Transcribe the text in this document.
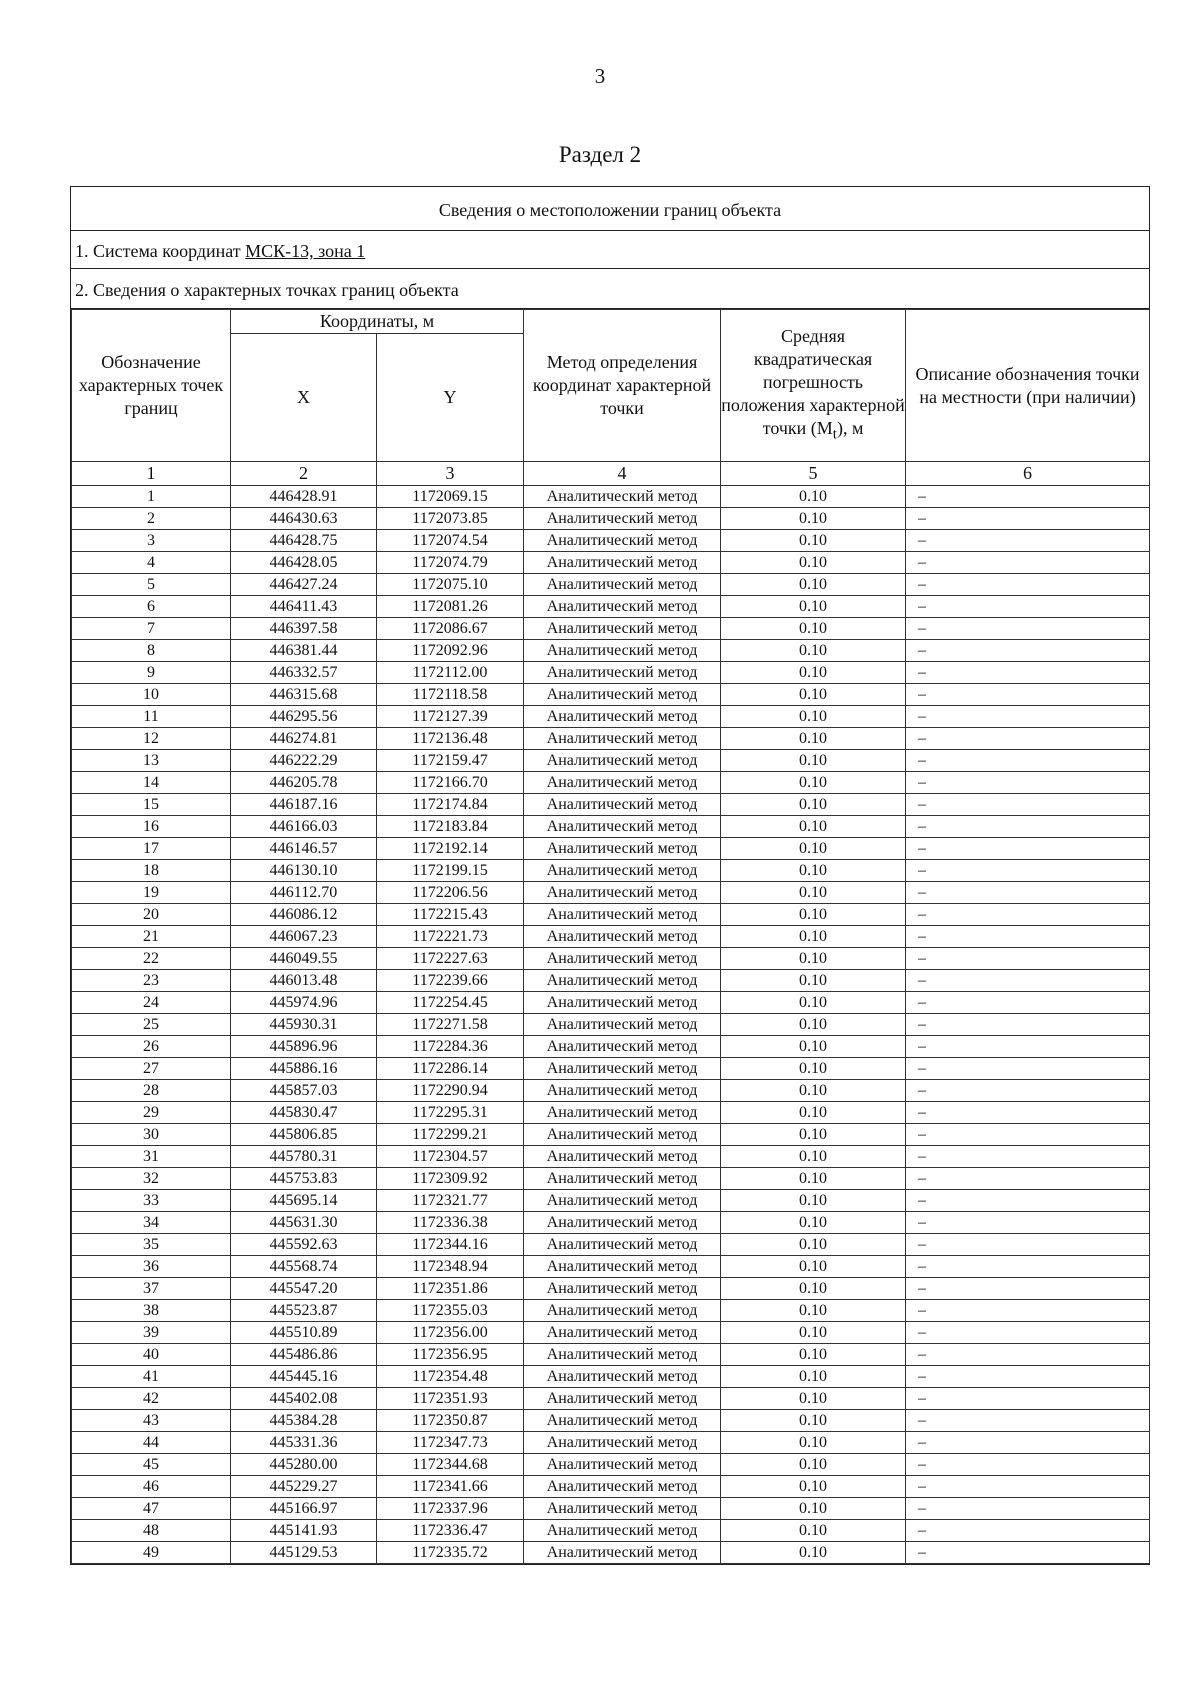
3
Раздел 2
Сведения о местоположении границ объекта
1. Система координат МСК-13, зона 1
2. Сведения о характерных точках границ объекта
Обозначение характерных точек границ	Координаты, м		Метод определения координат характерной точки	Средняя квадратическая погрешность положения характерной точки $(M_t)$, м	Описание обозначения точки на местности (при наличии)
	X	Y			
1	2	3	4	5	6
1	446428.91	1172069.15	Аналитический метод	0.10	–
2	446430.63	1172073.85	Аналитический метод	0.10	–
3	446428.75	1172074.54	Аналитический метод	0.10	–
4	446428.05	1172074.79	Аналитический метод	0.10	–
5	446427.24	1172075.10	Аналитический метод	0.10	–
6	446411.43	1172081.26	Аналитический метод	0.10	–
7	446397.58	1172086.67	Аналитический метод	0.10	–
8	446381.44	1172092.96	Аналитический метод	0.10	–
9	446332.57	1172112.00	Аналитический метод	0.10	–
10	446315.68	1172118.58	Аналитический метод	0.10	–
11	446295.56	1172127.39	Аналитический метод	0.10	–
12	446274.81	1172136.48	Аналитический метод	0.10	–
13	446222.29	1172159.47	Аналитический метод	0.10	–
14	446205.78	1172166.70	Аналитический метод	0.10	–
15	446187.16	1172174.84	Аналитический метод	0.10	–
16	446166.03	1172183.84	Аналитический метод	0.10	–
17	446146.57	1172192.14	Аналитический метод	0.10	–
18	446130.10	1172199.15	Аналитический метод	0.10	–
19	446112.70	1172206.56	Аналитический метод	0.10	–
20	446086.12	1172215.43	Аналитический метод	0.10	–
21	446067.23	1172221.73	Аналитический метод	0.10	–
22	446049.55	1172227.63	Аналитический метод	0.10	–
23	446013.48	1172239.66	Аналитический метод	0.10	–
24	445974.96	1172254.45	Аналитический метод	0.10	–
25	445930.31	1172271.58	Аналитический метод	0.10	–
26	445896.96	1172284.36	Аналитический метод	0.10	–
27	445886.16	1172286.14	Аналитический метод	0.10	–
28	445857.03	1172290.94	Аналитический метод	0.10	–
29	445830.47	1172295.31	Аналитический метод	0.10	–
30	445806.85	1172299.21	Аналитический метод	0.10	–
31	445780.31	1172304.57	Аналитический метод	0.10	–
32	445753.83	1172309.92	Аналитический метод	0.10	–
33	445695.14	1172321.77	Аналитический метод	0.10	–
34	445631.30	1172336.38	Аналитический метод	0.10	–
35	445592.63	1172344.16	Аналитический метод	0.10	–
36	445568.74	1172348.94	Аналитический метод	0.10	–
37	445547.20	1172351.86	Аналитический метод	0.10	–
38	445523.87	1172355.03	Аналитический метод	0.10	–
39	445510.89	1172356.00	Аналитический метод	0.10	–
40	445486.86	1172356.95	Аналитический метод	0.10	–
41	445445.16	1172354.48	Аналитический метод	0.10	–
42	445402.08	1172351.93	Аналитический метод	0.10	–
43	445384.28	1172350.87	Аналитический метод	0.10	–
44	445331.36	1172347.73	Аналитический метод	0.10	–
45	445280.00	1172344.68	Аналитический метод	0.10	–
46	445229.27	1172341.66	Аналитический метод	0.10	–
47	445166.97	1172337.96	Аналитический метод	0.10	–
48	445141.93	1172336.47	Аналитический метод	0.10	–
49	445129.53	1172335.72	Аналитический метод	0.10	–
